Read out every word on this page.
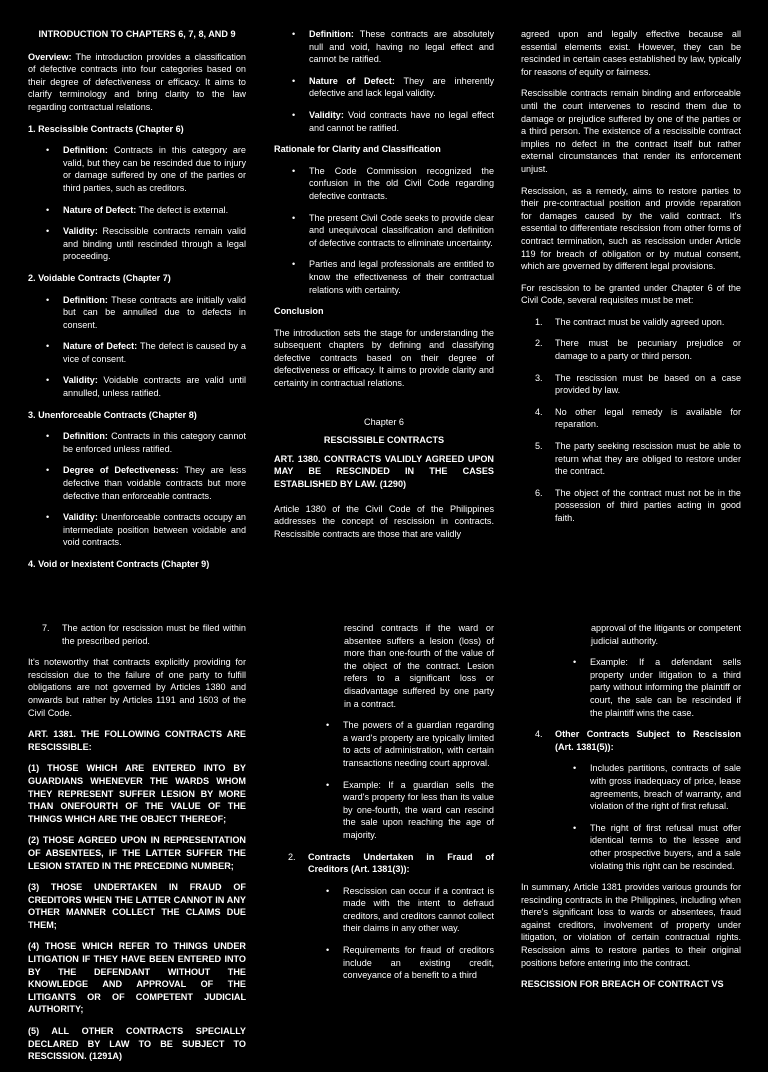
INTRODUCTION TO CHAPTERS 6, 7, 8, AND 9

Overview: The introduction provides a classification of defective contracts into four categories based on their degree of defectiveness or efficacy. It aims to clarify terminology and bring clarity to the law regarding contractual relations.

1. Rescissible Contracts (Chapter 6)

• Definition: Contracts in this category are valid, but they can be rescinded due to injury or damage suffered by one of the parties or third parties, such as creditors.
• Nature of Defect: The defect is external.
• Validity: Rescissible contracts remain valid and binding until rescinded through a legal proceeding.

2. Voidable Contracts (Chapter 7)

• Definition: These contracts are initially valid but can be annulled due to defects in consent.
• Nature of Defect: The defect is caused by a vice of consent.
• Validity: Voidable contracts are valid until annulled, unless ratified.

3. Unenforceable Contracts (Chapter 8)

• Definition: Contracts in this category cannot be enforced unless ratified.
• Degree of Defectiveness: They are less defective than voidable contracts but more defective than enforceable contracts.
• Validity: Unenforceable contracts occupy an intermediate position between voidable and void contracts.

4. Void or Inexistent Contracts (Chapter 9)

• Definition: These contracts are absolutely null and void, having no legal effect and cannot be ratified.
• Nature of Defect: They are inherently defective and lack legal validity.
• Validity: Void contracts have no legal effect and cannot be ratified.

Rationale for Clarity and Classification

• The Code Commission recognized the confusion in the old Civil Code regarding defective contracts.
• The present Civil Code seeks to provide clear and unequivocal classification and definition of defective contracts to eliminate uncertainty.
• Parties and legal professionals are entitled to know the effectiveness of their contractual relations with certainty.

Conclusion

The introduction sets the stage for understanding the subsequent chapters by defining and classifying defective contracts based on their degree of defectiveness or efficacy. It aims to provide clarity and certainty in contractual relations.

Chapter 6

RESCISSIBLE CONTRACTS

ART. 1380. CONTRACTS VALIDLY AGREED UPON MAY BE RESCINDED IN THE CASES ESTABLISHED BY LAW. (1290)

Article 1380 of the Civil Code of the Philippines addresses the concept of rescission in contracts. Rescissible contracts are those that are validly

agreed upon and legally effective because all essential elements exist. However, they can be rescinded in certain cases established by law, typically for reasons of equity or fairness.

Rescissible contracts remain binding and enforceable until the court intervenes to rescind them due to damage or prejudice suffered by one of the parties or a third person. The existence of a rescissible contract implies no defect in the contract itself but rather external circumstances that render its enforcement unjust.

Rescission, as a remedy, aims to restore parties to their pre-contractual position and provide reparation for damages caused by the valid contract. It's essential to differentiate rescission from other forms of contract termination, such as rescission under Article 119 for breach of obligation or by mutual consent, which are governed by different legal provisions.

For rescission to be granted under Chapter 6 of the Civil Code, several requisites must be met:

1. The contract must be validly agreed upon.
2. There must be pecuniary prejudice or damage to a party or third person.
3. The rescission must be based on a case provided by law.
4. No other legal remedy is available for reparation.
5. The party seeking rescission must be able to return what they are obliged to restore under the contract.
6. The object of the contract must not be in the possession of third parties acting in good faith.
7. The action for rescission must be filed within the prescribed period.

It's noteworthy that contracts explicitly providing for rescission due to the failure of one party to fulfill obligations are not governed by Articles 1380 and onwards but rather by Articles 1191 and 1603 of the Civil Code.

ART. 1381. THE FOLLOWING CONTRACTS ARE RESCISSIBLE:

(1) THOSE WHICH ARE ENTERED INTO BY GUARDIANS WHENEVER THE WARDS WHOM THEY REPRESENT SUFFER LESION BY MORE THAN ONEFOURTH OF THE VALUE OF THE THINGS WHICH ARE THE OBJECT THEREOF;

(2) THOSE AGREED UPON IN REPRESENTATION OF ABSENTEES, IF THE LATTER SUFFER THE LESION STATED IN THE PRECEDING NUMBER;

(3) THOSE UNDERTAKEN IN FRAUD OF CREDITORS WHEN THE LATTER CANNOT IN ANY OTHER MANNER COLLECT THE CLAIMS DUE THEM;

(4) THOSE WHICH REFER TO THINGS UNDER LITIGATION IF THEY HAVE BEEN ENTERED INTO BY THE DEFENDANT WITHOUT THE KNOWLEDGE AND APPROVAL OF THE LITIGANTS OR OF COMPETENT JUDICIAL AUTHORITY;

(5) ALL OTHER CONTRACTS SPECIALLY DECLARED BY LAW TO BE SUBJECT TO RESCISSION. (1291A)

rescind contracts if the ward or absentee suffers a lesion (loss) of more than one-fourth of the value of the object of the contract. Lesion refers to a significant loss or disadvantage suffered by one party in a contract.

• The powers of a guardian regarding a ward's property are typically limited to acts of administration, with certain transactions needing court approval.
• Example: If a guardian sells the ward's property for less than its value by one-fourth, the ward can rescind the sale upon reaching the age of majority.
2. Contracts Undertaken in Fraud of Creditors (Art. 1381(3)):
• Rescission can occur if a contract is made with the intent to defraud creditors, and creditors cannot collect their claims in any other way.
• Requirements for fraud of creditors include an existing credit, conveyance of a benefit to a third

approval of the litigants or competent judicial authority.

• Example: If a defendant sells property under litigation to a third party without informing the plaintiff or court, the sale can be rescinded if the plaintiff wins the case.
4. Other Contracts Subject to Rescission (Art. 1381(5)):
• Includes partitions, contracts of sale with gross inadequacy of price, lease agreements, breach of warranty, and violation of the right of first refusal.
• The right of first refusal must offer identical terms to the lessee and other prospective buyers, and a sale violating this right can be rescinded.

In summary, Article 1381 provides various grounds for rescinding contracts in the Philippines, including when there's significant loss to wards or absentees, fraud against creditors, involvement of property under litigation, or violation of certain contractual rights. Rescission aims to restore parties to their original positions before entering into the contract.

RESCISSION FOR BREACH OF CONTRACT VS
